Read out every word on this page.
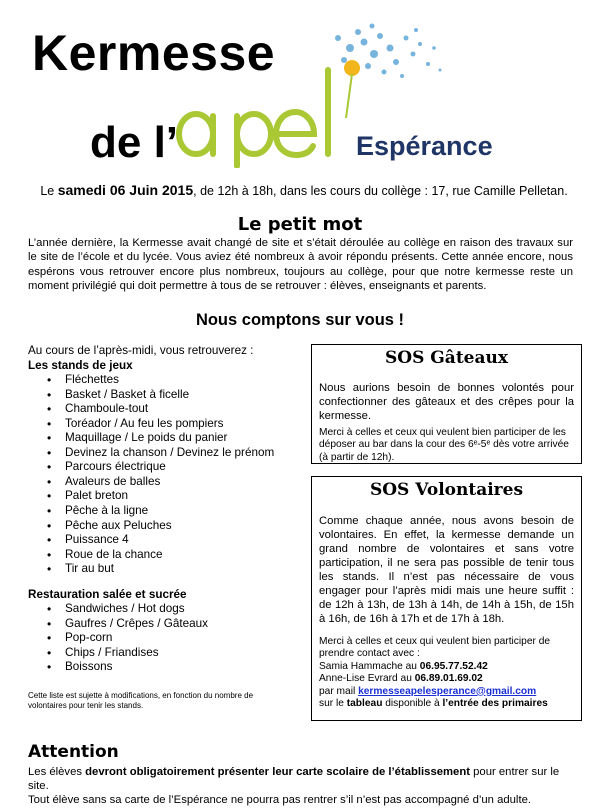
Kermesse
de l’	Espérance
Le samedi 06 Juin 2015, de 12h à 18h, dans les cours du collège : 17, rue Camille Pelletan.
Le petit mot
L’année dernière, la Kermesse avait changé de site et s’était déroulée au collège en raison des travaux sur le site de l’école et du lycée. Vous aviez été nombreux à avoir répondu présents. Cette année encore, nous espérons vous retrouver encore plus nombreux, toujours au collège, pour que notre kermesse reste un moment privilégié qui doit permettre à tous de se retrouver : élèves, enseignants et parents.
Nous comptons sur vous !
Au cours de l’après-midi, vous retrouverez :
Les stands de jeux
• Fléchettes
• Basket / Basket à ficelle
• Chamboule-tout
• Toréador / Au feu les pompiers
• Maquillage / Le poids du panier
• Devinez la chanson / Devinez le prénom
• Parcours électrique
• Avaleurs de balles
• Palet breton
• Pêche à la ligne
• Pêche aux Peluches
• Puissance 4
• Roue de la chance
• Tir au but
Restauration salée et sucrée
• Sandwiches / Hot dogs
• Gaufres / Crêpes / Gâteaux
• Pop-corn
• Chips / Friandises
• Boissons
Cette liste est sujette à modifications, en fonction du nombre de volontaires pour tenir les stands.
SOS Gâteaux
Nous aurions besoin de bonnes volontés pour confectionner des gâteaux et des crêpes pour la kermesse.
Merci à celles et ceux qui veulent bien participer de les déposer au bar dans la cour des 6ᵉ-5ᵉ dès votre arrivée (à partir de 12h).
SOS Volontaires
Comme chaque année, nous avons besoin de volontaires. En effet, la kermesse demande un grand nombre de volontaires et sans votre participation, il ne sera pas possible de tenir tous les stands. Il n’est pas nécessaire de vous engager pour l’après midi mais une heure suffit : de 12h à 13h, de 13h à 14h, de 14h à 15h, de 15h à 16h, de 16h à 17h et de 17h à 18h.
Merci à celles et ceux qui veulent bien participer de prendre contact avec :
Samia Hammache au 06.95.77.52.42
Anne-Lise Evrard au 06.89.01.69.02
par mail kermesseapelesperance@gmail.com
sur le tableau disponible à l’entrée des primaires
Attention
Les élèves devront obligatoirement présenter leur carte scolaire de l’établissement pour entrer sur le site.
Tout élève sans sa carte de l’Espérance ne pourra pas rentrer s’il n’est pas accompagné d’un adulte.
